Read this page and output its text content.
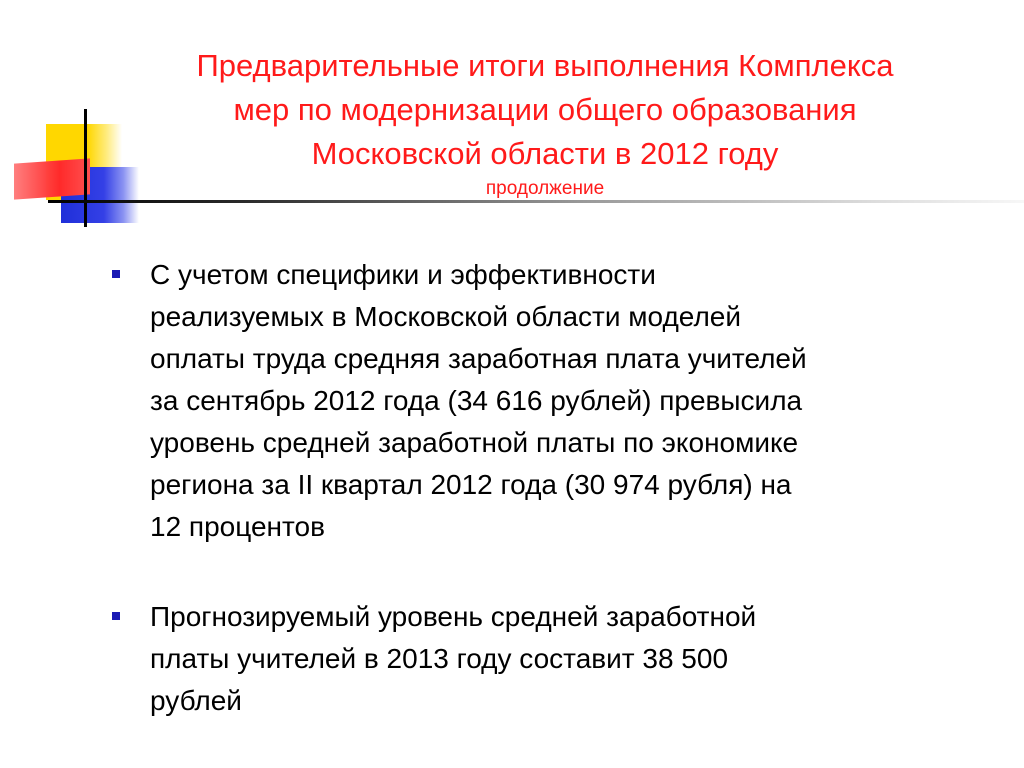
Предварительные итоги выполнения Комплекса
мер по модернизации общего образования
Московской области в 2012 году
продолжение
С учетом специфики и эффективности
реализуемых в Московской области моделей
оплаты труда средняя заработная плата учителей
за сентябрь 2012 года (34 616 рублей) превысила
уровень средней заработной платы по экономике
региона за II квартал 2012 года (30 974 рубля) на
12 процентов
Прогнозируемый уровень средней заработной
платы учителей в 2013 году составит 38 500
рублей
